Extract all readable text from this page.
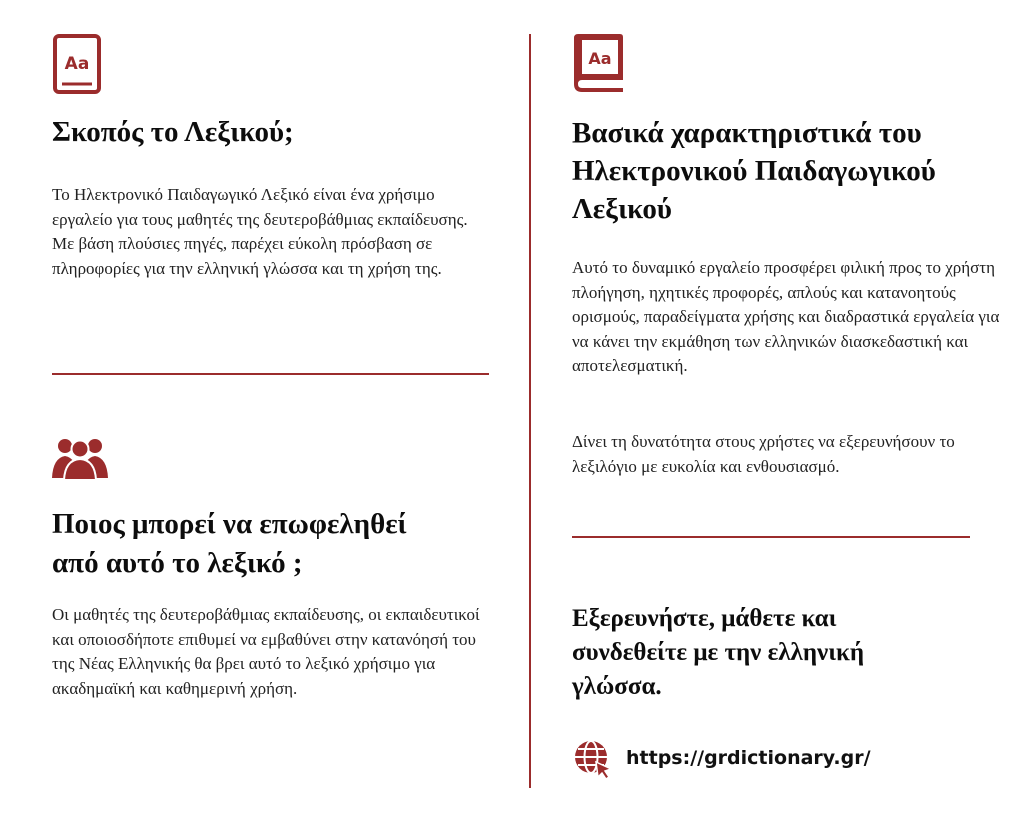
Aa
Σκοπός το Λεξικού;

Το Ηλεκτρονικό Παιδαγωγικό Λεξικό είναι ένα χρήσιμο εργαλείο για τους μαθητές της δευτεροβάθμιας εκπαίδευσης. Με βάση πλούσιες πηγές, παρέχει εύκολη πρόσβαση σε πληροφορίες για την ελληνική γλώσσα και τη χρήση της.

Ποιος μπορεί να επωφεληθεί
από αυτό το λεξικό ;

Οι μαθητές της δευτεροβάθμιας εκπαίδευσης, οι εκπαιδευτικοί και οποιοσδήποτε επιθυμεί να εμβαθύνει στην κατανόησή του της Νέας Ελληνικής θα βρει αυτό το λεξικό χρήσιμο για ακαδημαϊκή και καθημερινή χρήση.

Aa
Βασικά χαρακτηριστικά του
Ηλεκτρονικού Παιδαγωγικού
Λεξικού

Αυτό το δυναμικό εργαλείο προσφέρει φιλική προς το χρήστη πλοήγηση, ηχητικές προφορές, απλούς και κατανοητούς ορισμούς, παραδείγματα χρήσης και διαδραστικά εργαλεία για να κάνει την εκμάθηση των ελληνικών διασκεδαστική και αποτελεσματική.

Δίνει τη δυνατότητα στους χρήστες να εξερευνήσουν το λεξιλόγιο με ευκολία και ενθουσιασμό.

Εξερευνήστε, μάθετε και
συνδεθείτε με την ελληνική
γλώσσα.
https://grdictionary.gr/
